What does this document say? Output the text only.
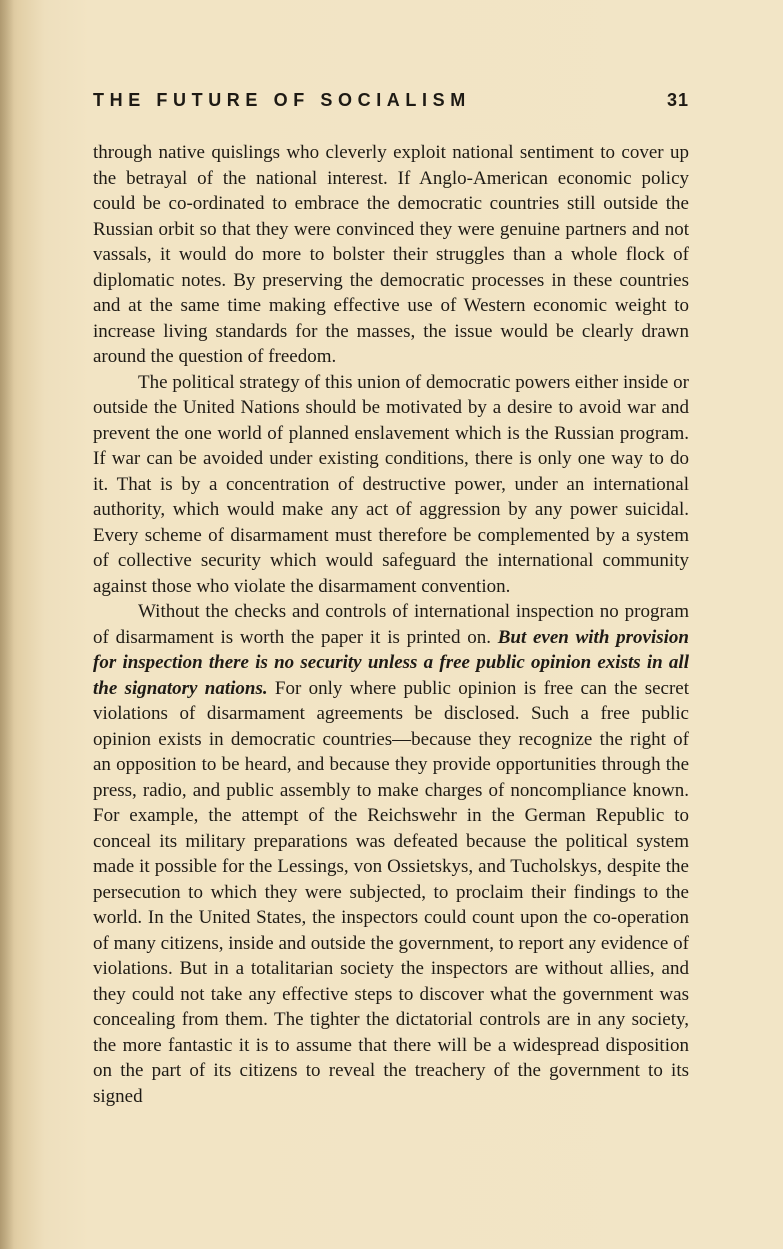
THE FUTURE OF SOCIALISM	31

through native quislings who cleverly exploit national sentiment to cover up the betrayal of the national interest. If Anglo-American economic policy could be co-ordinated to embrace the democratic countries still outside the Russian orbit so that they were convinced they were genuine partners and not vassals, it would do more to bolster their struggles than a whole flock of diplomatic notes. By preserving the democratic processes in these countries and at the same time making effective use of Western economic weight to increase living standards for the masses, the issue would be clearly drawn around the question of freedom.

The political strategy of this union of democratic powers either inside or outside the United Nations should be motivated by a desire to avoid war and prevent the one world of planned enslavement which is the Russian program. If war can be avoided under existing conditions, there is only one way to do it. That is by a concentration of destructive power, under an international authority, which would make any act of aggression by any power suicidal. Every scheme of disarmament must therefore be complemented by a system of collective security which would safeguard the international community against those who violate the disarmament convention.

Without the checks and controls of international inspection no program of disarmament is worth the paper it is printed on. But even with provision for inspection there is no security unless a free public opinion exists in all the signatory nations. For only where public opinion is free can the secret violations of disarmament agreements be disclosed. Such a free public opinion exists in democratic countries—because they recognize the right of an opposition to be heard, and because they provide opportunities through the press, radio, and public assembly to make charges of noncompliance known. For example, the attempt of the Reichswehr in the German Republic to conceal its military preparations was defeated because the political system made it possible for the Lessings, von Ossietskys, and Tucholskys, despite the persecution to which they were subjected, to proclaim their findings to the world. In the United States, the inspectors could count upon the co-operation of many citizens, inside and outside the government, to report any evidence of violations. But in a totalitarian society the inspectors are without allies, and they could not take any effective steps to discover what the government was concealing from them. The tighter the dictatorial controls are in any society, the more fantastic it is to assume that there will be a widespread disposition on the part of its citizens to reveal the treachery of the government to its signed
